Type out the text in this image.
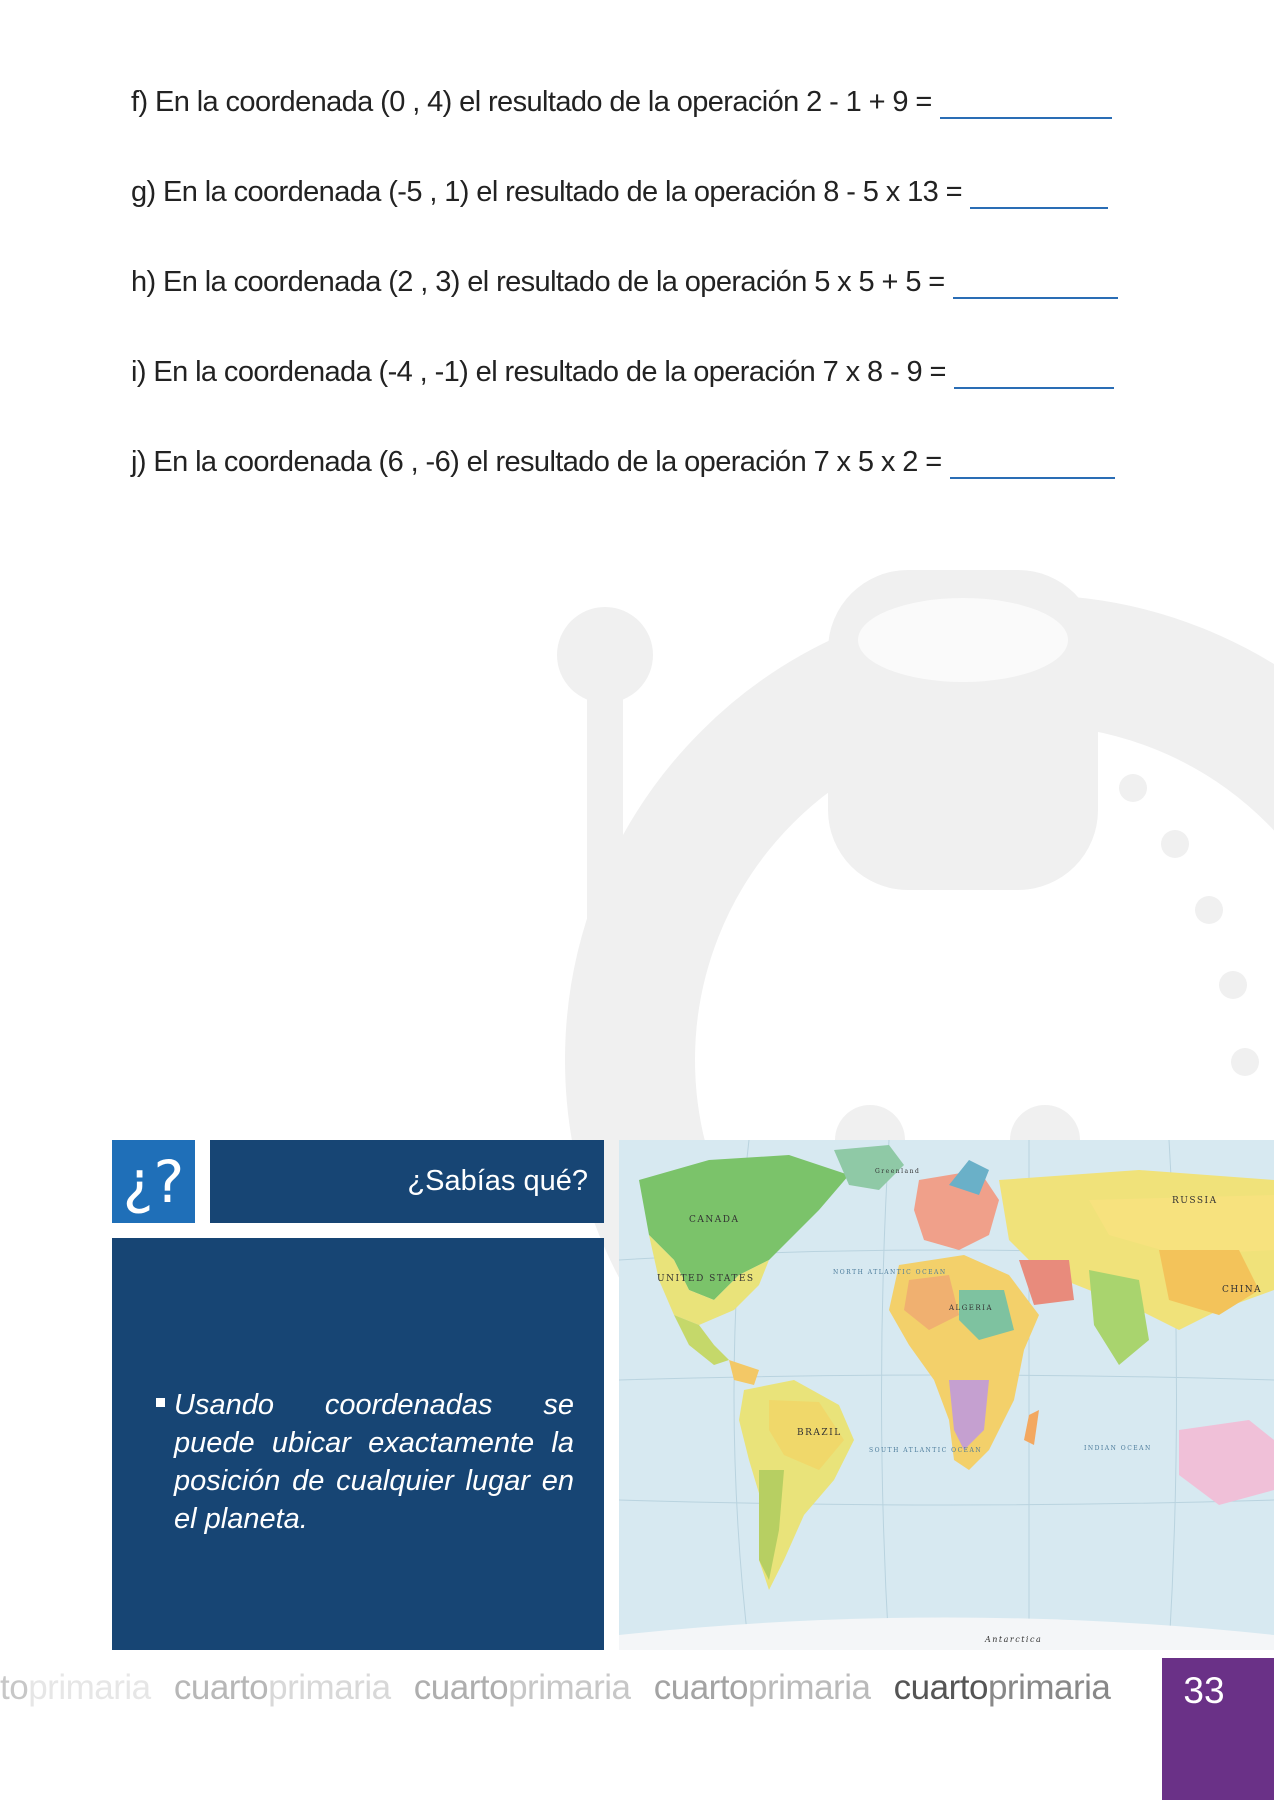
f) En la coordenada (0 , 4) el resultado de la operación 2 - 1 + 9 =
g) En la coordenada (-5 , 1) el resultado de la operación 8 - 5 x 13 =
h) En la coordenada (2 , 3) el resultado de la operación 5 x 5 + 5 =
i) En la coordenada (-4 , -1) el resultado de la operación 7 x 8 - 9 =
j) En la coordenada (6 , -6) el resultado de la operación 7 x 5 x 2 =
¿?	¿Sabías qué?
Usando coordenadas se puede ubicar exactamente la posición de cualquier lugar en el planeta.
CANADA
UNITED STATES
RUSSIA
CHINA
BRAZIL
ALGERIA
Antarctica
Greenland
NORTH ATLANTIC OCEAN
SOUTH ATLANTIC OCEAN	INDIAN OCEAN
toprimaria cuartoprimaria cuartoprimaria cuartoprimaria cuartoprimaria	33
